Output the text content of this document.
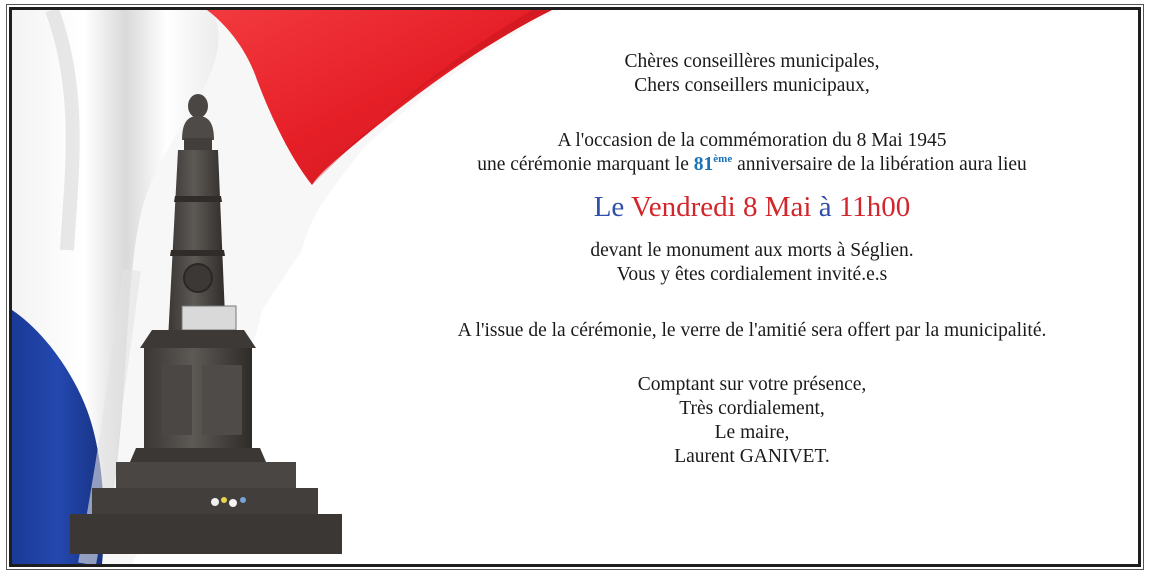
Chères conseillères municipales,

Chers conseillers municipaux,

A l'occasion de la commémoration du 8 Mai 1945

une cérémonie marquant le 81ème anniversaire de la libération aura lieu

Le Vendredi 8 Mai à 11h00

devant le monument aux morts à Séglien.

Vous y êtes cordialement invité.e.s

A l'issue de la cérémonie, le verre de l'amitié sera offert par la municipalité.

Comptant sur votre présence,

Très cordialement,

Le maire,

Laurent GANIVET.
